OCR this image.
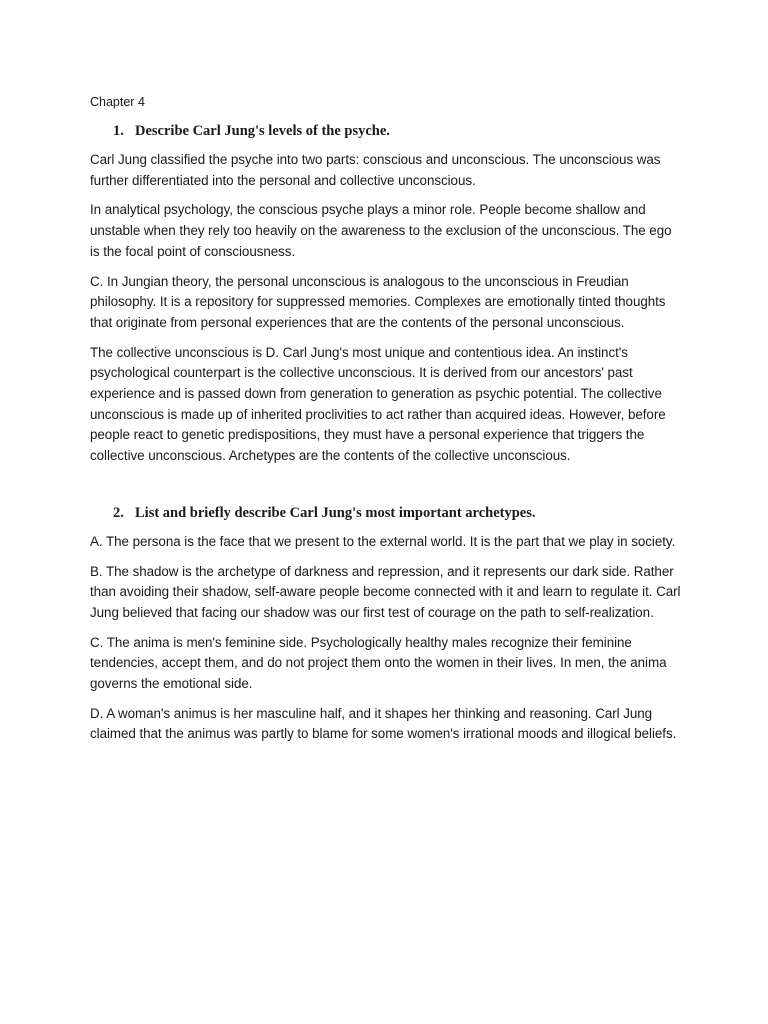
Chapter 4
1. Describe Carl Jung's levels of the psyche.

Carl Jung classified the psyche into two parts: conscious and unconscious. The unconscious was further differentiated into the personal and collective unconscious.

In analytical psychology, the conscious psyche plays a minor role. People become shallow and unstable when they rely too heavily on the awareness to the exclusion of the unconscious. The ego is the focal point of consciousness.

C. In Jungian theory, the personal unconscious is analogous to the unconscious in Freudian philosophy. It is a repository for suppressed memories. Complexes are emotionally tinted thoughts that originate from personal experiences that are the contents of the personal unconscious.

The collective unconscious is D. Carl Jung's most unique and contentious idea. An instinct's psychological counterpart is the collective unconscious. It is derived from our ancestors' past experience and is passed down from generation to generation as psychic potential. The collective unconscious is made up of inherited proclivities to act rather than acquired ideas. However, before people react to genetic predispositions, they must have a personal experience that triggers the collective unconscious. Archetypes are the contents of the collective unconscious.

2. List and briefly describe Carl Jung's most important archetypes.

A. The persona is the face that we present to the external world. It is the part that we play in society.

B. The shadow is the archetype of darkness and repression, and it represents our dark side. Rather than avoiding their shadow, self-aware people become connected with it and learn to regulate it. Carl Jung believed that facing our shadow was our first test of courage on the path to self-realization.

C. The anima is men's feminine side. Psychologically healthy males recognize their feminine tendencies, accept them, and do not project them onto the women in their lives. In men, the anima governs the emotional side.

D. A woman's animus is her masculine half, and it shapes her thinking and reasoning. Carl Jung claimed that the animus was partly to blame for some women's irrational moods and illogical beliefs.
